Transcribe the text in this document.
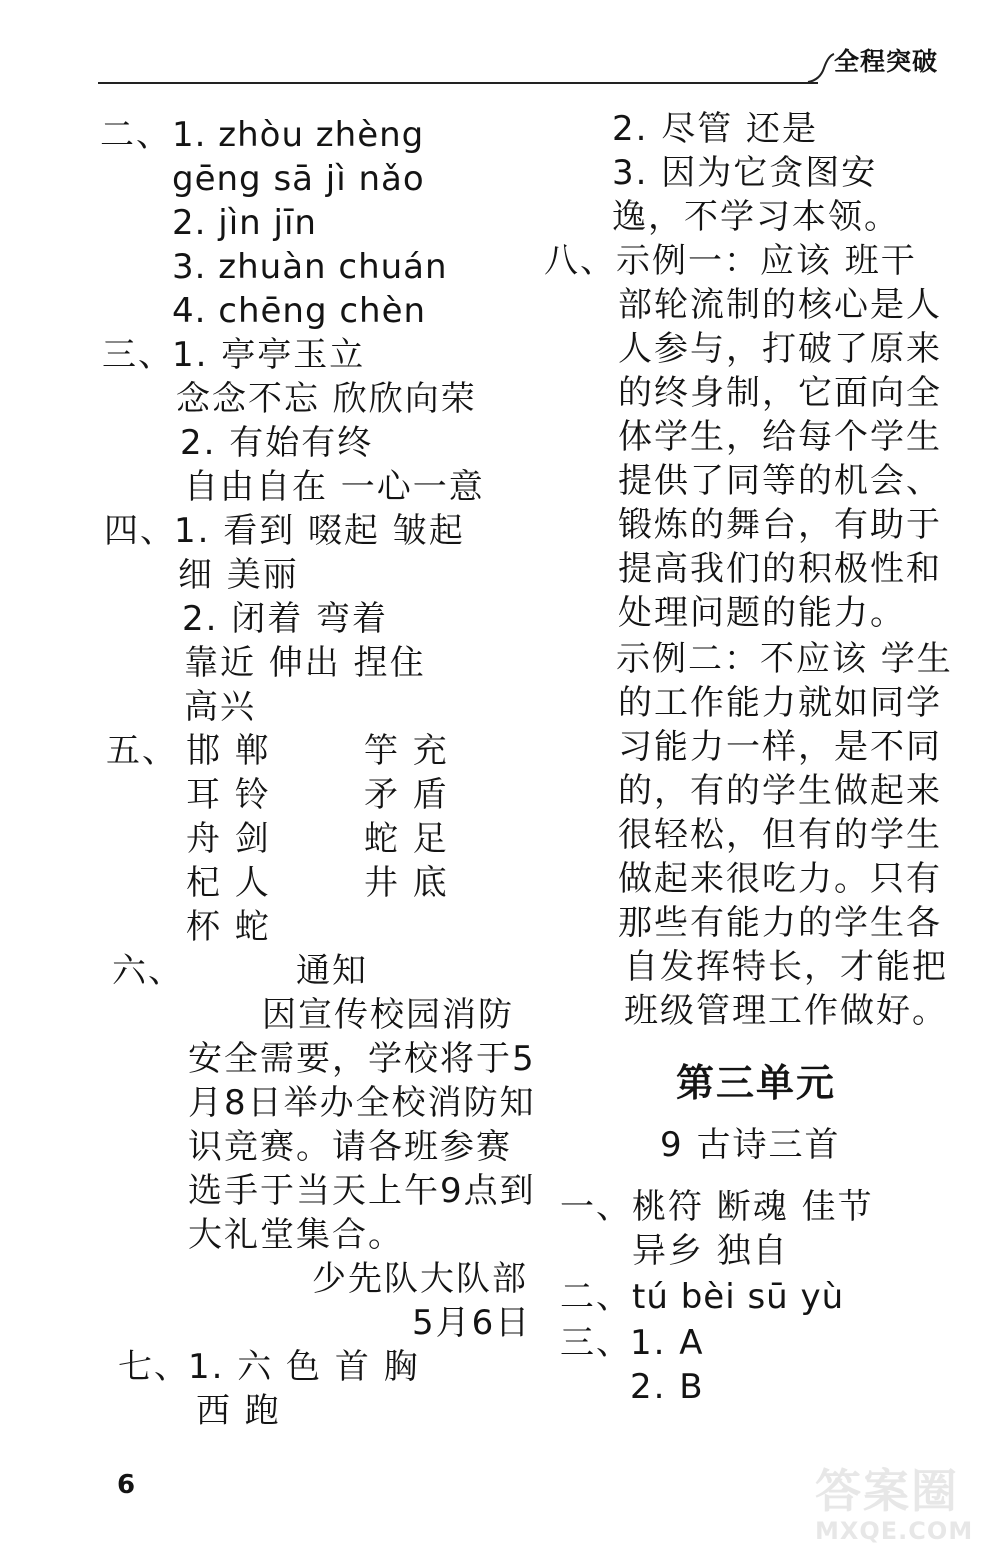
全程突破
二、 1. zhòu zhèng
gēng sā jì nǎo
2. jìn jīn
3. zhuàn chuán
4. chēng chèn
三、
1. 亭亭玉立
念念不忘 欣欣向荣
2. 有始有终
自由自在 一心一意
四、
1. 看到 啜起 皱起
细 美丽
2. 闭着 弯着
靠近 伸出 捏住
高兴
五、 邯 郸	竽 充
耳 铃	矛 盾
舟 剑	蛇 足
杞 人	井 底
杯 蛇
六、	通知
因宣传校园消防
安全需要，学校将于5
月8日举办全校消防知
识竞赛。请各班参赛
选手于当天上午9点到
大礼堂集合。
少先队大队部
5月6日
七、
1. 六 色 首 胸
西 跑
2. 尽管 还是
3. 因为它贪图安
逸，不学习本领。
八、 示例一：应该 班干
部轮流制的核心是人
人参与，打破了原来
的终身制，它面向全
体学生，给每个学生
提供了同等的机会、
锻炼的舞台，有助于
提高我们的积极性和
处理问题的能力。
示例二：不应该 学生
的工作能力就如同学
习能力一样，是不同
的，有的学生做起来
很轻松，但有的学生
做起来很吃力。只有
那些有能力的学生各
自发挥特长，才能把
班级管理工作做好。
第三单元
9 古诗三首
一、 桃符 断魂 佳节
异乡 独自
二、 tú bèi sū yù
三、
1. A
2. B
6	答案圈
MXQE.COM
